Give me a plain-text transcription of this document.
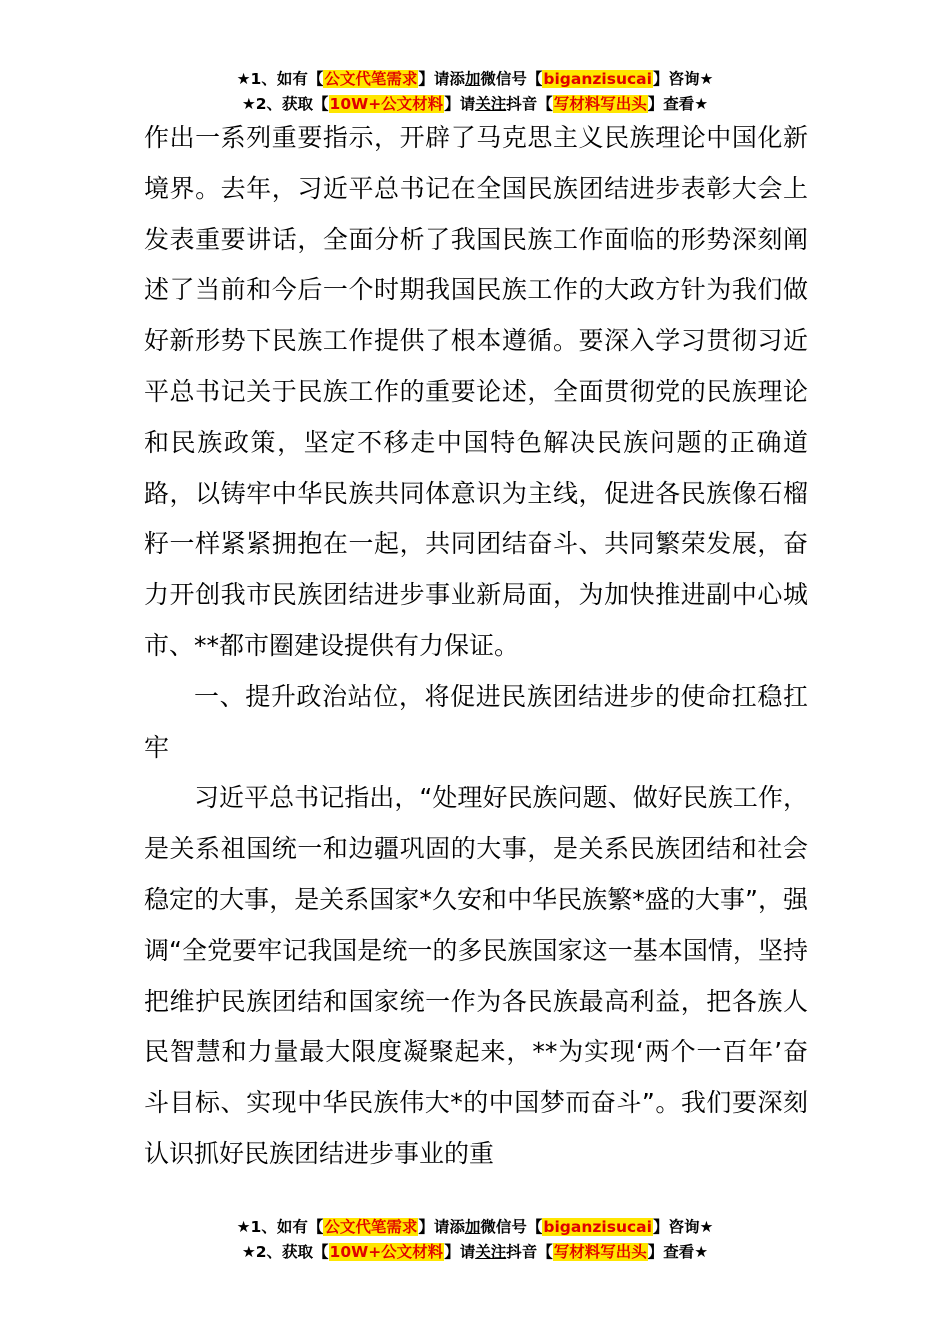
★1、如有【公文代笔需求】请添加微信号【biganzisucai】咨询★
★2、获取【10W+公文材料】请关注抖音【写材料写出头】查看★

作出一系列重要指示，开辟了马克思主义民族理论中国化新境界。去年，习近平总书记在全国民族团结进步表彰大会上发表重要讲话，全面分析了我国民族工作面临的形势深刻阐述了当前和今后一个时期我国民族工作的大政方针为我们做好新形势下民族工作提供了根本遵循。要深入学习贯彻习近平总书记关于民族工作的重要论述，全面贯彻党的民族理论和民族政策，坚定不移走中国特色解决民族问题的正确道路，以铸牢中华民族共同体意识为主线，促进各民族像石榴籽一样紧紧拥抱在一起，共同团结奋斗、共同繁荣发展，奋力开创我市民族团结进步事业新局面，为加快推进副中心城市、**都市圈建设提供有力保证。

一、提升政治站位，将促进民族团结进步的使命扛稳扛牢

习近平总书记指出，“处理好民族问题、做好民族工作，是关系祖国统一和边疆巩固的大事，是关系民族团结和社会稳定的大事，是关系国家*久安和中华民族繁*盛的大事”，强调“全党要牢记我国是统一的多民族国家这一基本国情，坚持把维护民族团结和国家统一作为各民族最高利益，把各族人民智慧和力量最大限度凝聚起来，**为实现‘两个一百年’奋斗目标、实现中华民族伟大*的中国梦而奋斗”。我们要深刻认识抓好民族团结进步事业的重

★1、如有【公文代笔需求】请添加微信号【biganzisucai】咨询★
★2、获取【10W+公文材料】请关注抖音【写材料写出头】查看★
